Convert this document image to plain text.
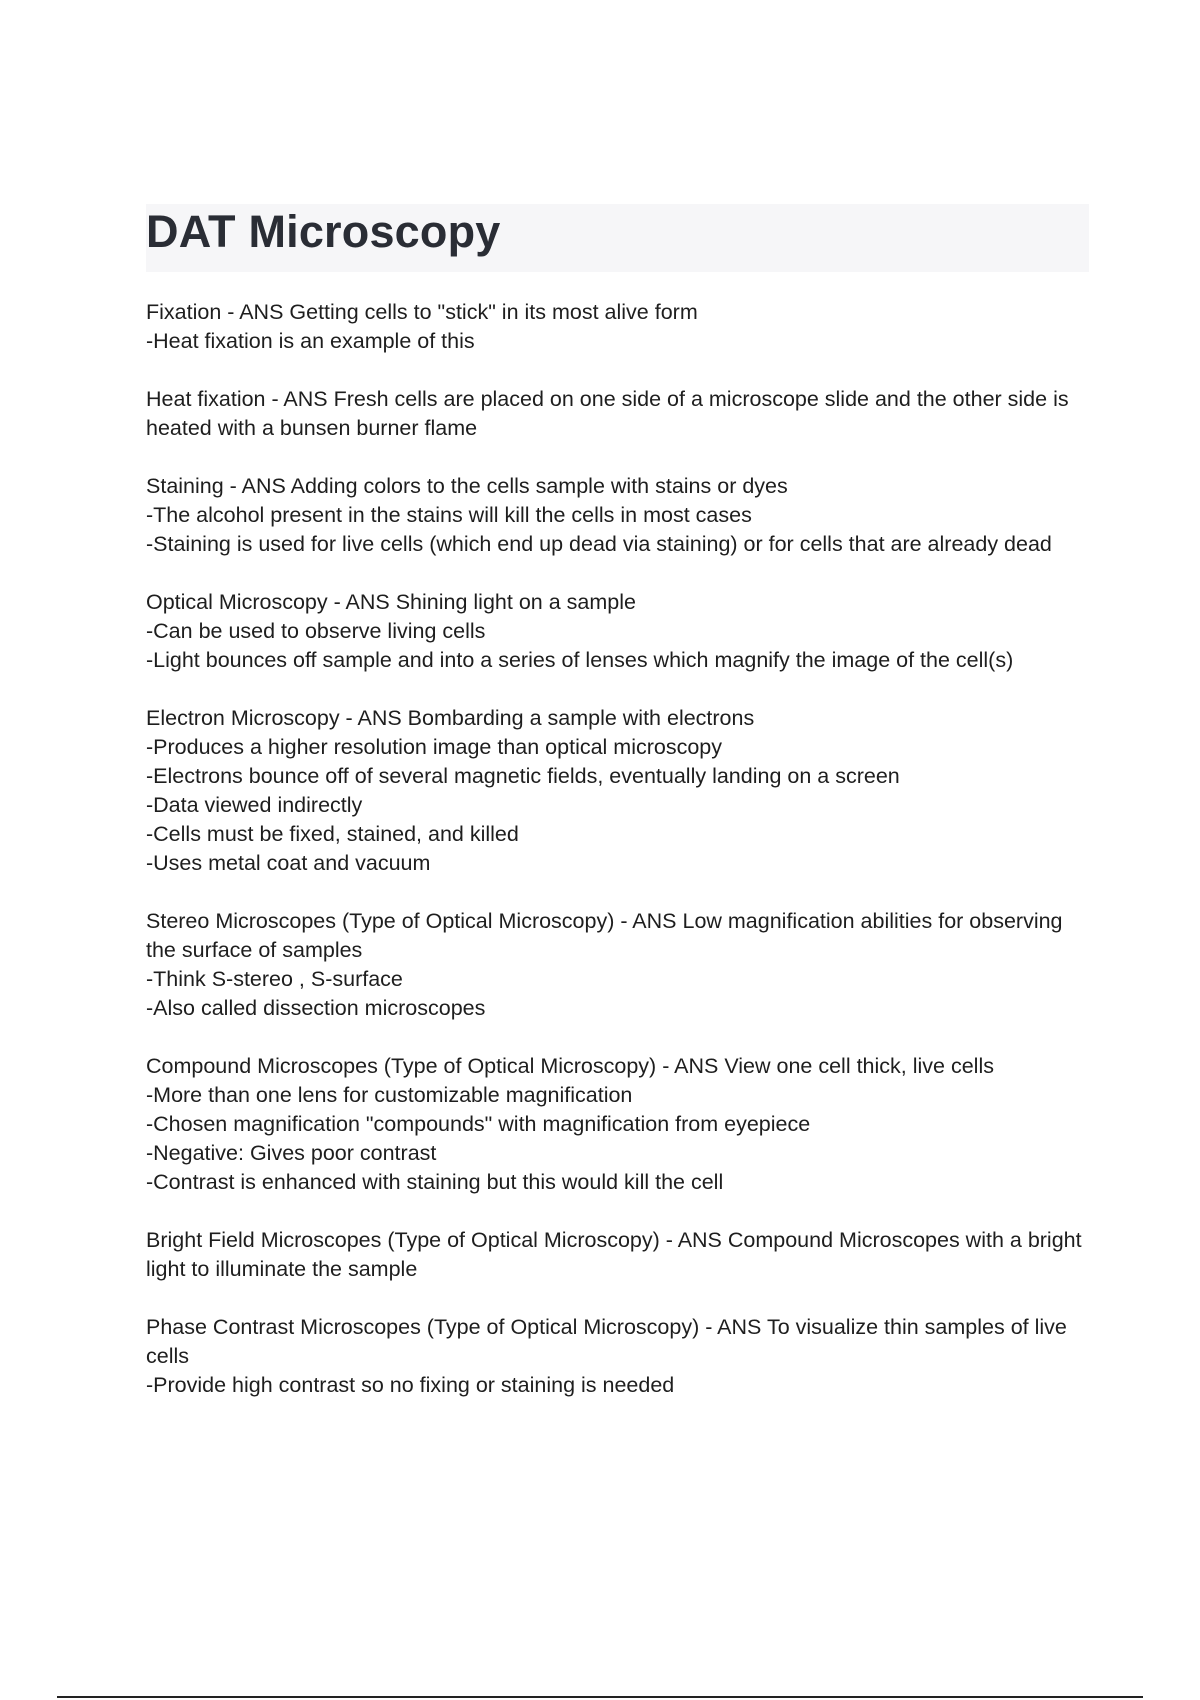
DAT Microscopy
Fixation - ANS Getting cells to "stick" in its most alive form
-Heat fixation is an example of this
Heat fixation - ANS Fresh cells are placed on one side of a microscope slide and the other side is heated with a bunsen burner flame
Staining - ANS Adding colors to the cells sample with stains or dyes
-The alcohol present in the stains will kill the cells in most cases
-Staining is used for live cells (which end up dead via staining) or for cells that are already dead
Optical Microscopy - ANS Shining light on a sample
-Can be used to observe living cells
-Light bounces off sample and into a series of lenses which magnify the image of the cell(s)
Electron Microscopy - ANS Bombarding a sample with electrons
-Produces a higher resolution image than optical microscopy
-Electrons bounce off of several magnetic fields, eventually landing on a screen
-Data viewed indirectly
-Cells must be fixed, stained, and killed
-Uses metal coat and vacuum
Stereo Microscopes (Type of Optical Microscopy) - ANS Low magnification abilities for observing the surface of samples
-Think S-stereo , S-surface
-Also called dissection microscopes
Compound Microscopes (Type of Optical Microscopy) - ANS View one cell thick, live cells
-More than one lens for customizable magnification
-Chosen magnification "compounds" with magnification from eyepiece
-Negative: Gives poor contrast
-Contrast is enhanced with staining but this would kill the cell
Bright Field Microscopes (Type of Optical Microscopy) - ANS Compound Microscopes with a bright light to illuminate the sample
Phase Contrast Microscopes (Type of Optical Microscopy) - ANS To visualize thin samples of live cells
-Provide high contrast so no fixing or staining is needed
